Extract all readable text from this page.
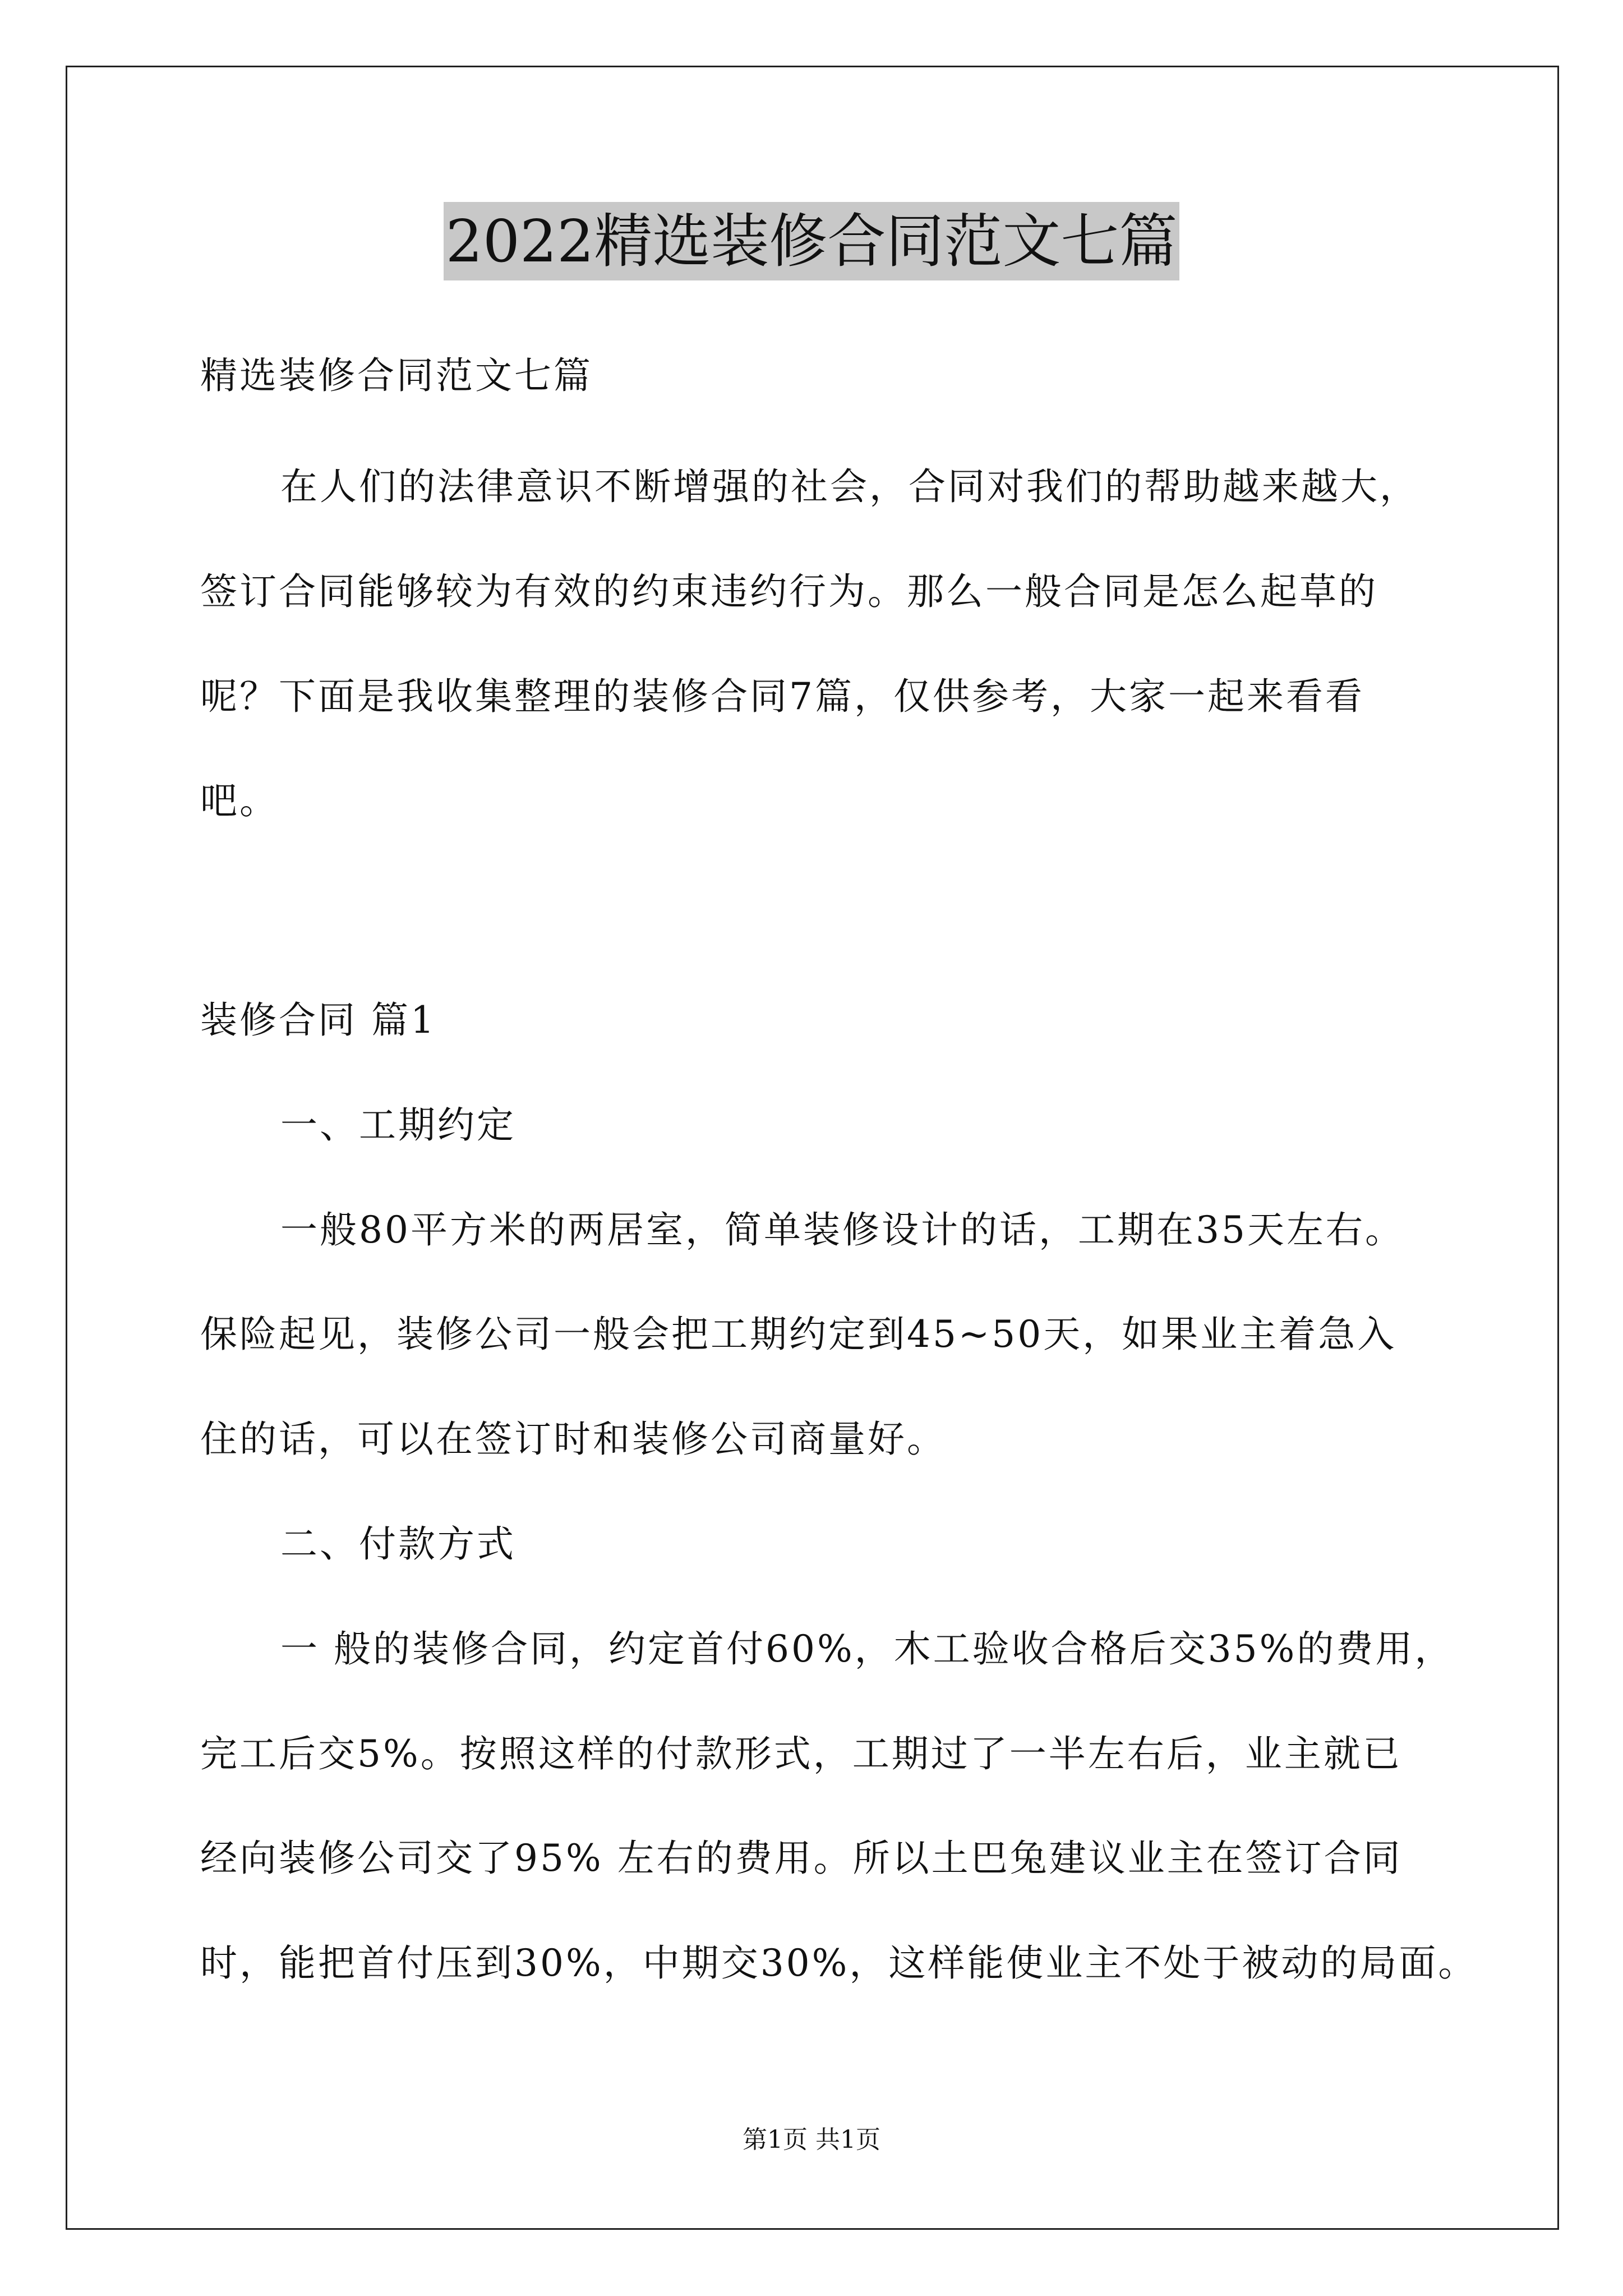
2022精选装修合同范文七篇
精选装修合同范文七篇
在人们的法律意识不断增强的社会，合同对我们的帮助越来越大，
签订合同能够较为有效的约束违约行为。那么一般合同是怎么起草的
呢？下面是我收集整理的装修合同7篇，仅供参考，大家一起来看看
吧。
装修合同 篇1
一、工期约定
一般80平方米的两居室，简单装修设计的话，工期在35天左右。
保险起见，装修公司一般会把工期约定到45~50天，如果业主着急入
住的话，可以在签订时和装修公司商量好。
二、付款方式
一 般的装修合同，约定首付60%，木工验收合格后交35%的费用，
完工后交5%。按照这样的付款形式，工期过了一半左右后，业主就已
经向装修公司交了95% 左右的费用。所以土巴兔建议业主在签订合同
时，能把首付压到30%，中期交30%，这样能使业主不处于被动的局面。
第1页 共1页
